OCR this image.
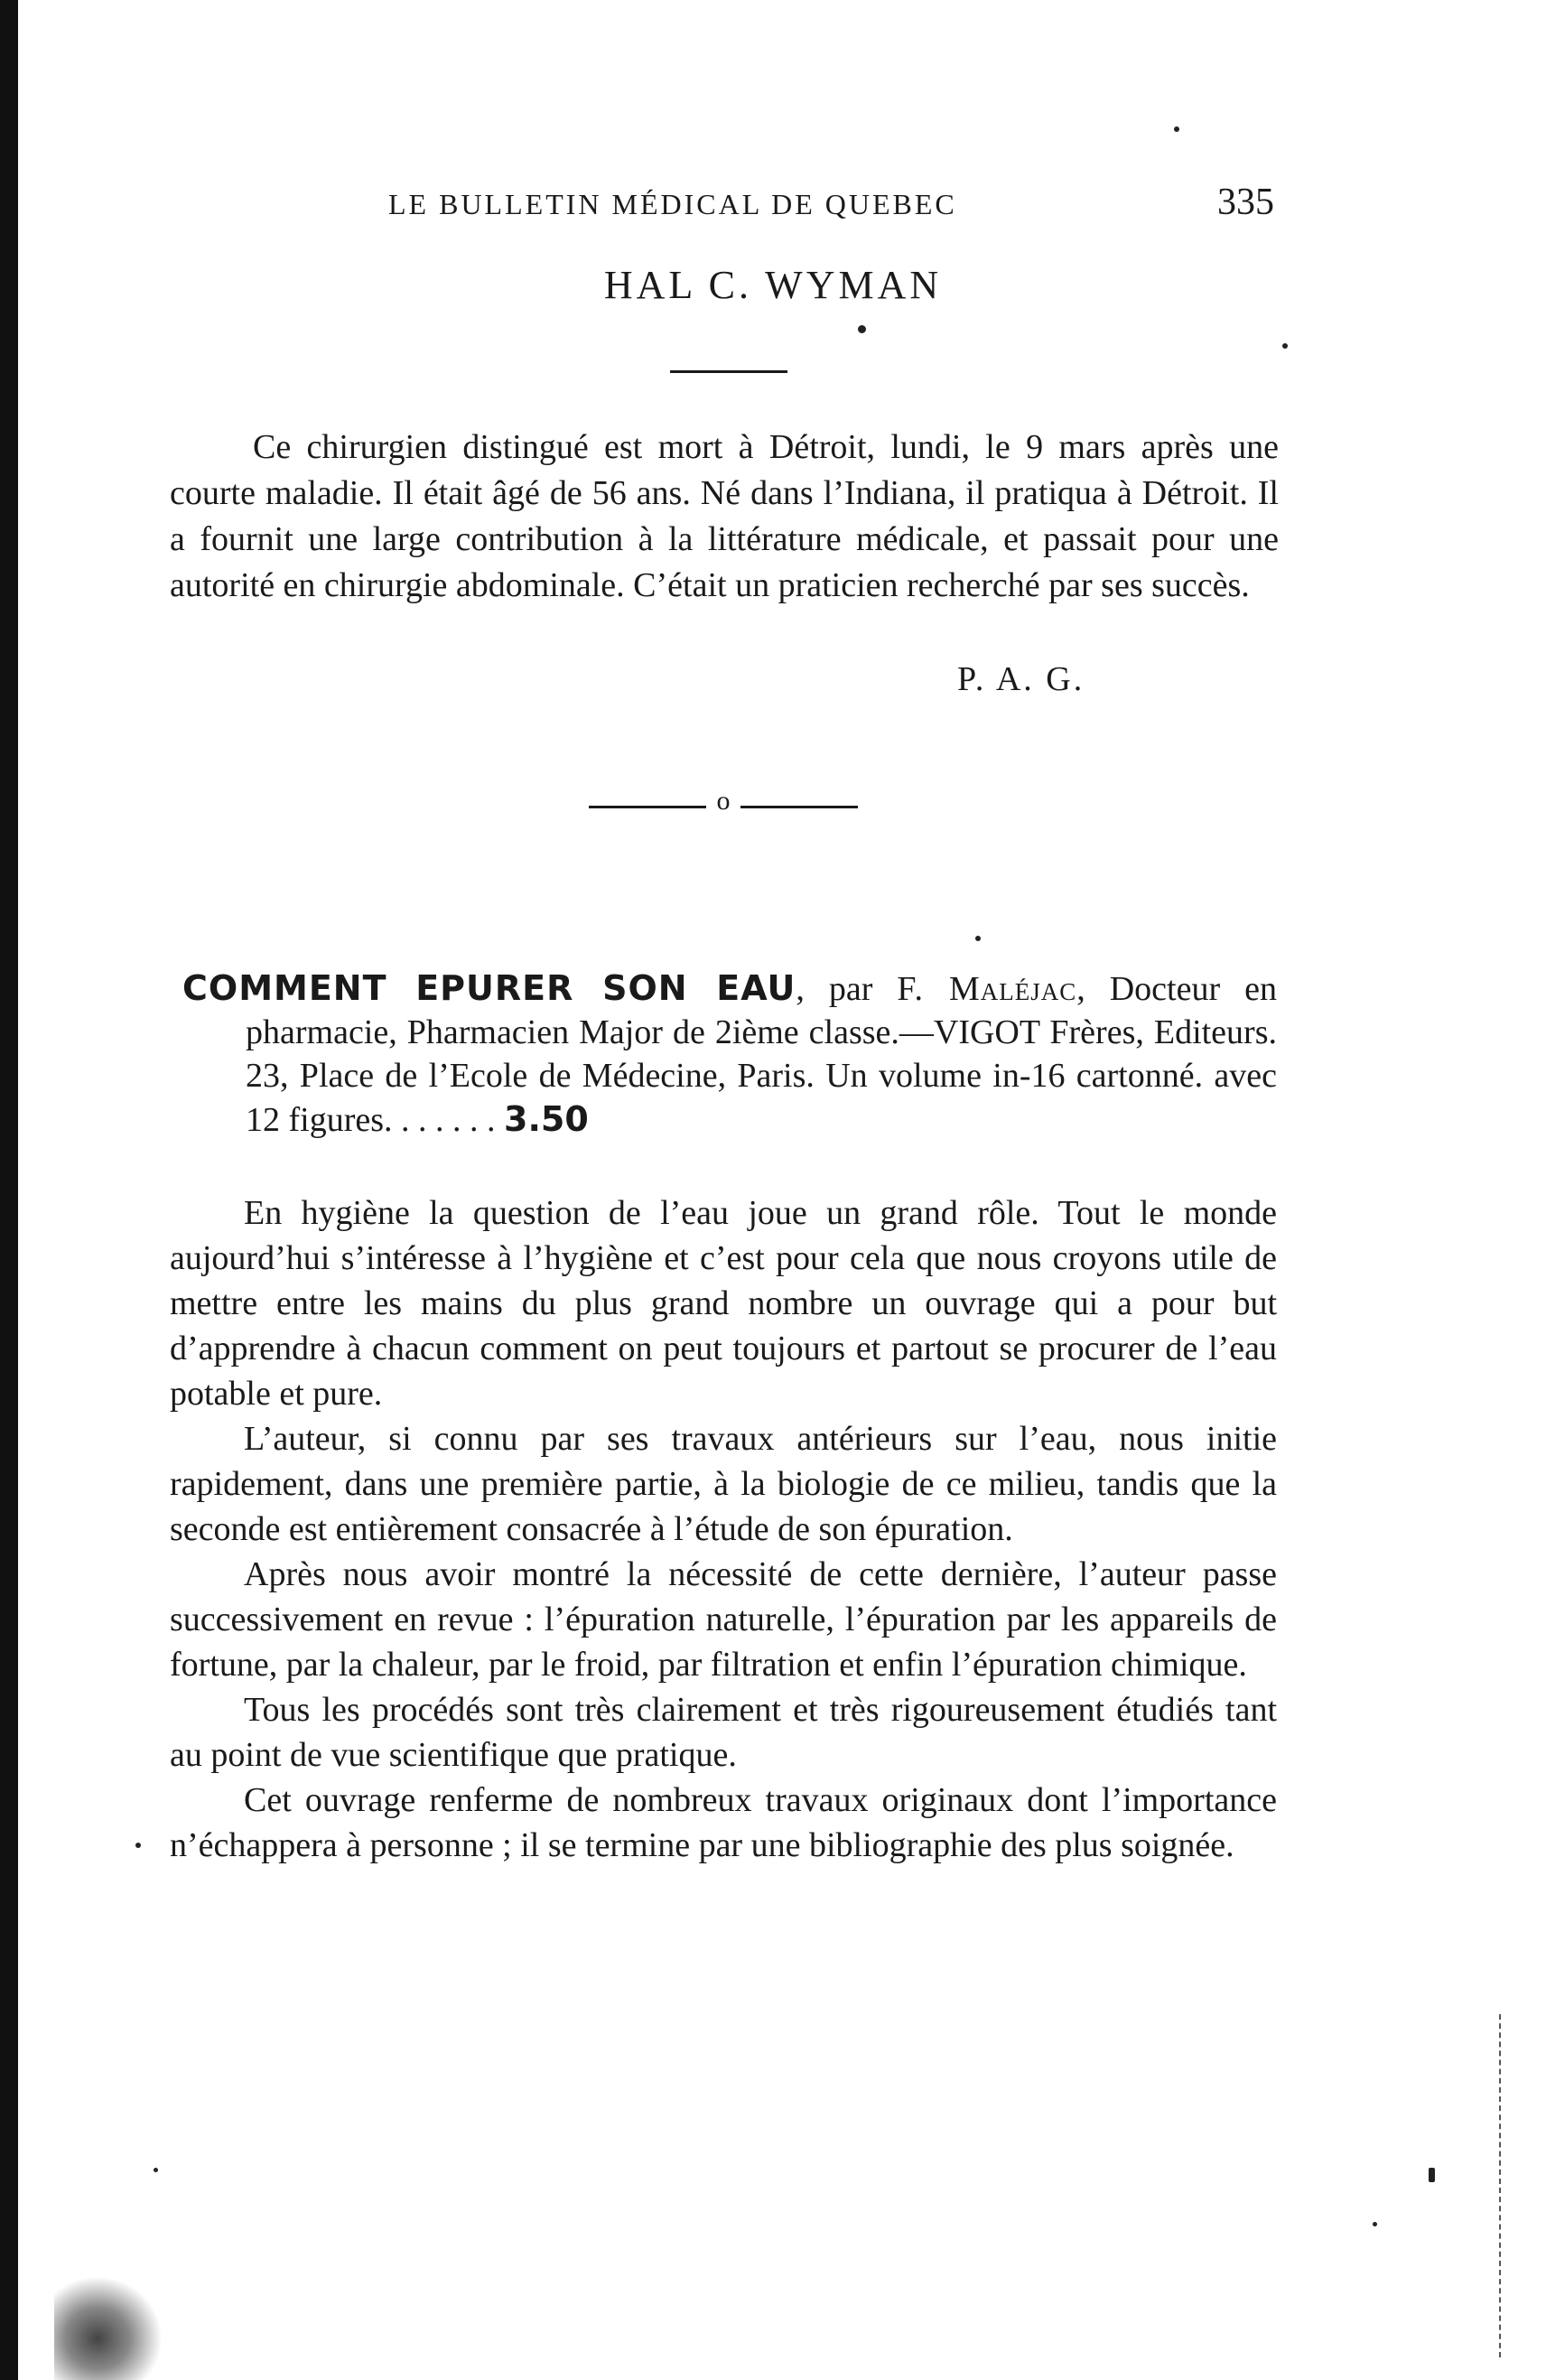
LE BULLETIN MÉDICAL DE QUEBEC	335
HAL C. WYMAN

Ce chirurgien distingué est mort à Détroit, lundi, le 9 mars après une courte maladie. Il était âgé de 56 ans. Né dans l’Indiana, il pratiqua à Détroit. Il a fournit une large contribution à la littérature médicale, et passait pour une autorité en chirurgie abdominale. C’était un praticien recherché par ses succès.

P. A. G.
o

COMMENT EPURER SON EAU, par F. Maléjac, Docteur en pharmacie, Pharmacien Major de 2ième classe.—VIGOT Frères, Editeurs. 23, Place de l’Ecole de Médecine, Paris. Un volume in-16 cartonné. avec 12 figures. . . . . . . 3.50

En hygiène la question de l’eau joue un grand rôle. Tout le monde aujourd’hui s’intéresse à l’hygiène et c’est pour cela que nous croyons utile de mettre entre les mains du plus grand nombre un ouvrage qui a pour but d’apprendre à chacun comment on peut toujours et partout se procurer de l’eau potable et pure.

L’auteur, si connu par ses travaux antérieurs sur l’eau, nous initie rapidement, dans une première partie, à la biologie de ce milieu, tandis que la seconde est entièrement consacrée à l’étude de son épuration.

Après nous avoir montré la nécessité de cette dernière, l’auteur passe successivement en revue : l’épuration naturelle, l’épuration par les appareils de fortune, par la chaleur, par le froid, par filtration et enfin l’épuration chimique.

Tous les procédés sont très clairement et très rigoureusement étudiés tant au point de vue scientifique que pratique.

Cet ouvrage renferme de nombreux travaux originaux dont l’importance n’échappera à personne ; il se termine par une bibliographie des plus soignée.
